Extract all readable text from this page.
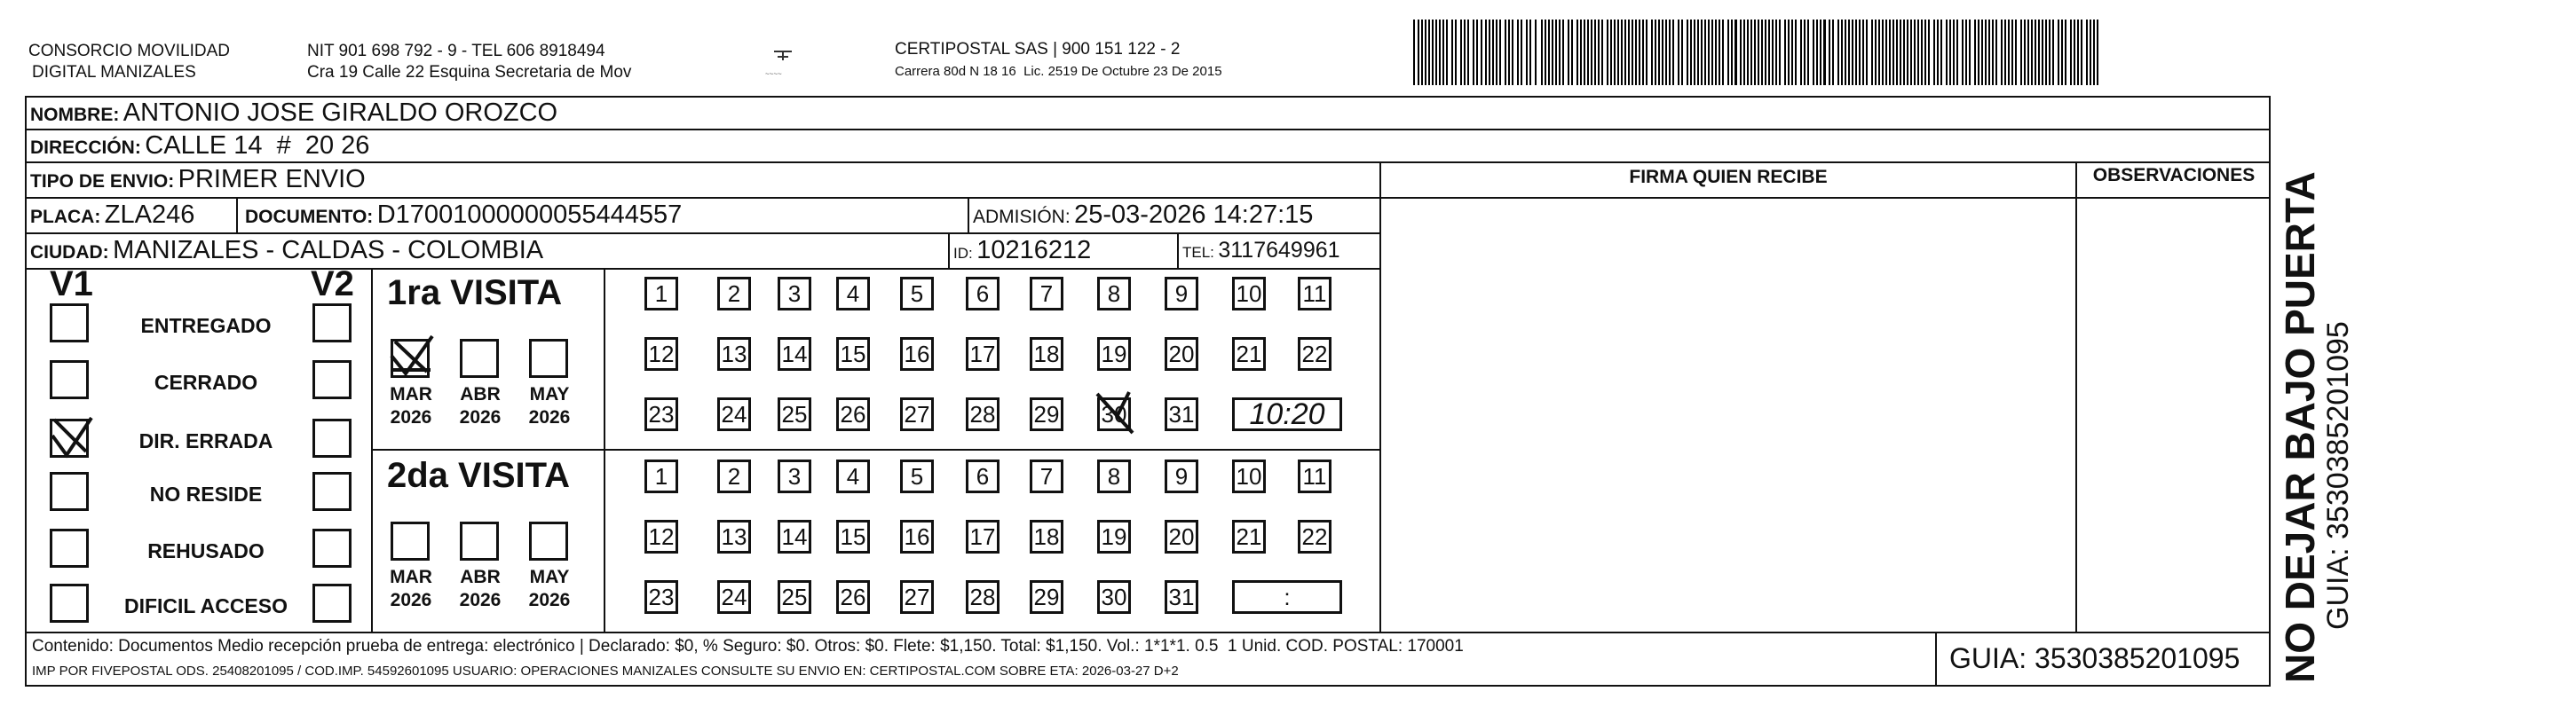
CONSORCIO MOVILIDAD
DIGITAL MANIZALES
NIT 901 698 792 - 9 - TEL 606 8918494
Cra 19 Calle 22 Esquina Secretaria de Mov	~~~~
CERTIPOSTAL SAS | 900 151 122 - 2
Carrera 80d N 18 16  Lic. 2519 De Octubre 23 De 2015
NOMBRE: ANTONIO JOSE GIRALDO OROZCO
DIRECCIÓN: CALLE 14  #  20 26
TIPO DE ENVIO: PRIMER ENVIO	FIRMA QUIEN RECIBE	OBSERVACIONES
PLACA: ZLA246	DOCUMENTO: D17001000000055444557	ADMISIÓN: 25-03-2026 14:27:15
CIUDAD: MANIZALES - CALDAS - COLOMBIA	ID: 10216212	TEL: 3117649961
V1	V2
ENTREGADO
CERRADO
DIR. ERRADA
NO RESIDE
REHUSADO
DIFICIL ACCESO
1ra VISITA
MAR
2026
ABR
2026
MAY
2026
1	2	3	4	5	6	7	8	9	10 11
12 13 14 15 16 17 18 19 20 21 22
23 24 25 26 27 28 29 30 31	10:20
2da VISITA
MAR
2026
ABR
2026
MAY
2026
1	2	3	4	5	6	7	8	9	10 11
12 13 14 15 16 17 18 19 20 21 22
23 24 25 26 27 28 29 30 31	:
Contenido: Documentos Medio recepción prueba de entrega: electrónico | Declarado: $0, % Seguro: $0. Otros: $0. Flete: $1,150. Total: $1,150. Vol.: 1*1*1. 0.5  1 Unid. COD. POSTAL: 170001
IMP POR FIVEPOSTAL ODS. 25408201095 / COD.IMP. 54592601095 USUARIO: OPERACIONES MANIZALES CONSULTE SU ENVIO EN: CERTIPOSTAL.COM SOBRE ETA: 2026-03-27 D+2	GUIA: 3530385201095 NO DEJAR BAJO PUERTA
GUIA: 3530385201095
